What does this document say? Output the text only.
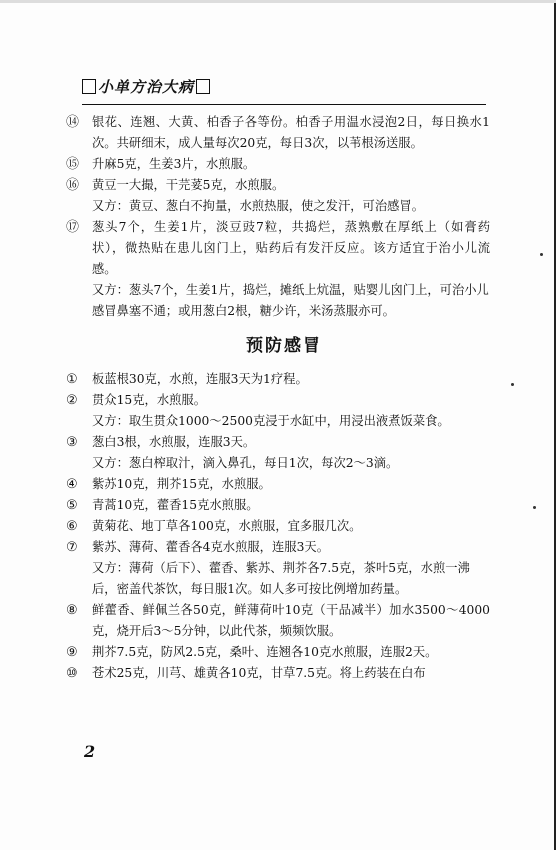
小单方治大病
⑭	银花、连翘、大黄、柏香子各等份。柏香子用温水浸泡2日，每日换水1次。共研细末，成人量每次20克，每日3次，以苇根汤送服。
⑮	升麻5克，生姜3片，水煎服。
⑯	黄豆一大撮，干芫荽5克，水煎服。
又方：黄豆、葱白不拘量，水煎热服，使之发汗，可治感冒。
⑰	葱头7个，生姜1片，淡豆豉7粒，共捣烂，蒸熟敷在厚纸上（如膏药状），微热贴在患儿囟门上，贴药后有发汗反应。该方适宜于治小儿流感。
又方：葱头7个，生姜1片，捣烂，摊纸上炕温，贴婴儿囟门上，可治小儿感冒鼻塞不通；或用葱白2根，糖少许，米汤蒸服亦可。
预防感冒
①	板蓝根30克，水煎，连服3天为1疗程。
②	贯众15克，水煎服。
又方：取生贯众1000～2500克浸于水缸中，用浸出液煮饭菜食。
③	葱白3根，水煎服，连服3天。
又方：葱白榨取汁，滴入鼻孔，每日1次，每次2～3滴。
④	紫苏10克，荆芥15克，水煎服。
⑤	青蒿10克，藿香15克水煎服。
⑥	黄菊花、地丁草各100克，水煎服，宜多服几次。
⑦	紫苏、薄荷、藿香各4克水煎服，连服3天。
又方：薄荷（后下）、藿香、紫苏、荆芥各7.5克，茶叶5克，水煎一沸后，密盖代茶饮，每日服1次。如人多可按比例增加药量。
⑧	鲜藿香、鲜佩兰各50克，鲜薄荷叶10克（干品减半）加水3500～4000克，烧开后3～5分钟，以此代茶，频频饮服。
⑨	荆芥7.5克，防风2.5克，桑叶、连翘各10克水煎服，连服2天。
⑩	苍术25克，川芎、雄黄各10克，甘草7.5克。将上药装在白布
2
